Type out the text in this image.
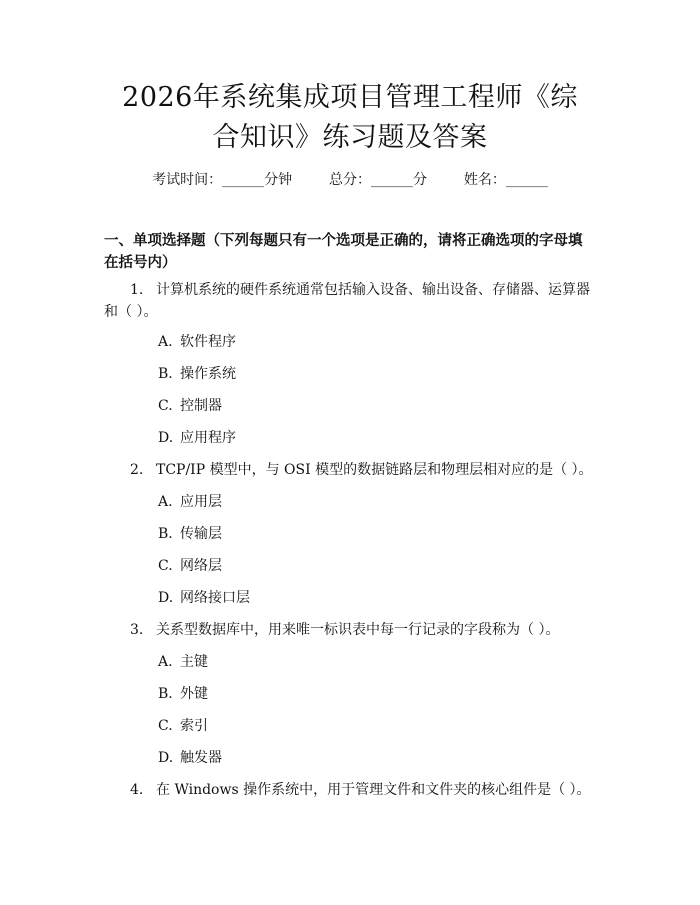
2026年系统集成项目管理工程师《综合知识》练习题及答案
考试时间：______分钟	总分：______分	姓名：______
一、单项选择题（下列每题只有一个选项是正确的，请将正确选项的字母填在括号内）
1. 计算机系统的硬件系统通常包括输入设备、输出设备、存储器、运算器和（ ）。
A. 软件程序
B. 操作系统
C. 控制器
D. 应用程序
2. TCP/IP 模型中，与 OSI 模型的数据链路层和物理层相对应的是（ ）。
A. 应用层
B. 传输层
C. 网络层
D. 网络接口层
3. 关系型数据库中，用来唯一标识表中每一行记录的字段称为（ ）。
A. 主键
B. 外键
C. 索引
D. 触发器
4. 在 Windows 操作系统中，用于管理文件和文件夹的核心组件是（ ）。
